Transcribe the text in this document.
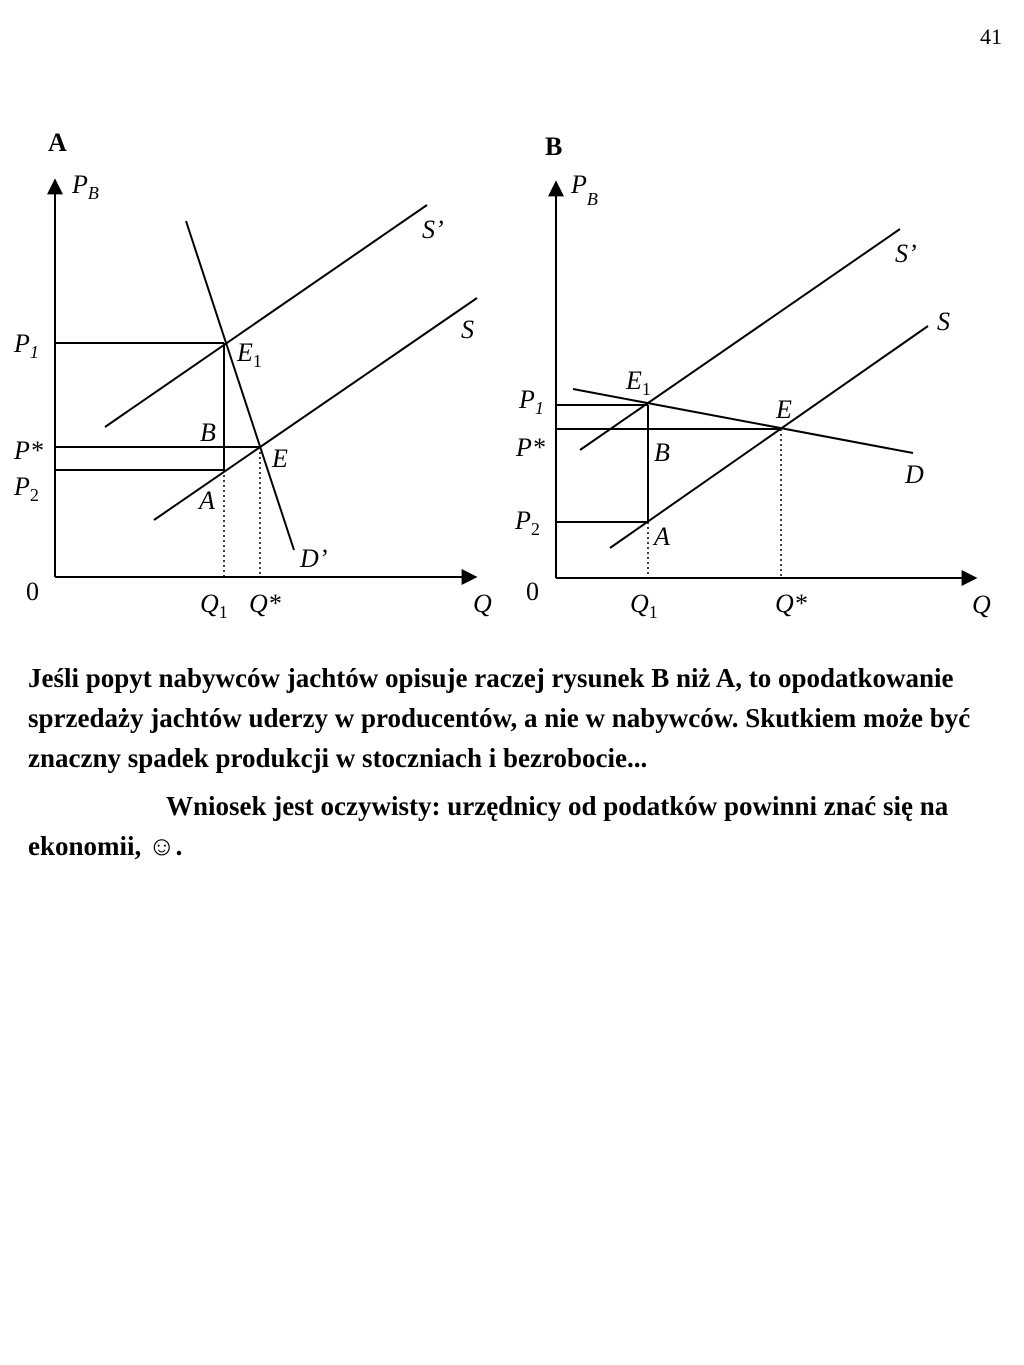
41
A
$P_B$
Q
0
S’
S
D’
$P_1$
P*
$P_2$
$Q_1$ Q*
$E_1$
B
E
A
B
$P_B$
Q
0
S’
S
D
$P_1$
P*
$P_2$
$Q_1$	Q*
$E_1$
B
E
A

Jeśli popyt nabywców jachtów opisuje raczej rysunek B niż A, to opodatkowanie sprzedaży jachtów uderzy w producentów, a nie w nabywców. Skutkiem może być znaczny spadek produkcji w stoczniach i bezrobocie...

Wniosek jest oczywisty: urzędnicy od podatków powinni znać się na ekonomii, ☺.
